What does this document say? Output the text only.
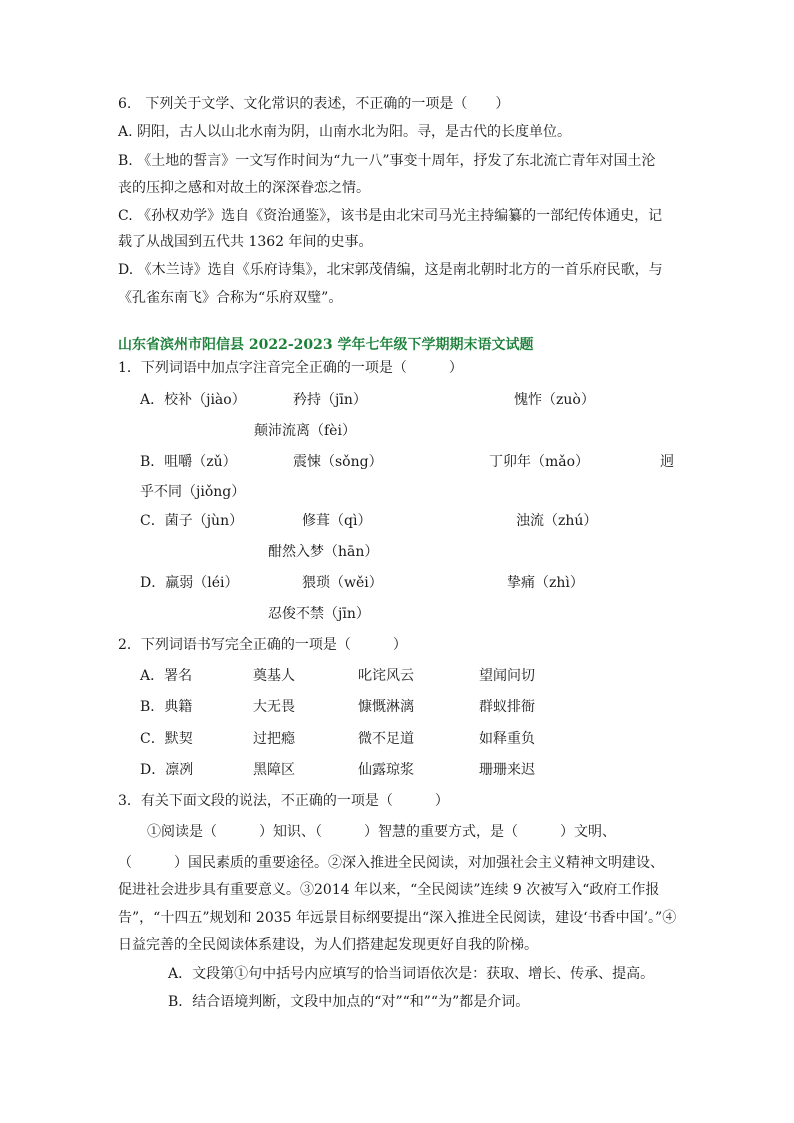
6.　下列关于文学、文化常识的表述，不正确的一项是（　　）
A. 阴阳，古人以山北水南为阴，山南水北为阳。寻，是古代的长度单位。
B. 《土地的誓言》一文写作时间为“九一八”事变十周年，抒发了东北流亡青年对国土沦
丧的压抑之感和对故土的深深眷恋之情。
C. 《孙权劝学》选自《资治通鉴》，该书是由北宋司马光主持编纂的一部纪传体通史，记
载了从战国到五代共 1362 年间的史事。
D. 《木兰诗》选自《乐府诗集》，北宋郭茂倩编，这是南北朝时北方的一首乐府民歌，与
《孔雀东南飞》合称为“乐府双璧”。
山东省滨州市阳信县 2022-2023 学年七年级下学期期末语文试题
1．下列词语中加点字注音完全正确的一项是（　　　）
A．校补（jiào）	矜持（jīn）	愧怍（zuò）
颠沛流离（fèi）
B．咀嚼（zǔ）	震悚（sǒng）	丁卯年（mǎo）	迥
乎不同（jiǒng）
C．菌子（jùn）	修葺（qì）	浊流（zhú）
酣然入梦（hān）
D．羸弱（léi）	猥琐（wěi）	挚痛（zhì）
忍俊不禁（jīn）
2．下列词语书写完全正确的一项是（　　　）
A．署名	奠基人	叱诧风云	望闻问切
B．典籍	大无畏	慷慨淋漓	群蚁排衙
C．默契	过把瘾	微不足道	如释重负
D．凛冽	黑障区	仙露琼浆	珊珊来迟
3．有关下面文段的说法，不正确的一项是（　　　）
①阅读是（　　　）知识、（　　　）智慧的重要方式，是（　　　）文明、
（　　　）国民素质的重要途径。②深入推进全民阅读，对加强社会主义精神文明建设、
促进社会进步具有重要意义。③2014 年以来，“全民阅读”连续 9 次被写入“政府工作报
告”，“十四五”规划和 2035 年远景目标纲要提出“深入推进全民阅读，建设‘书香中国’。”④
日益完善的全民阅读体系建设，为人们搭建起发现更好自我的阶梯。
A．文段第①句中括号内应填写的恰当词语依次是：获取、增长、传承、提高。
B．结合语境判断，文段中加点的“对”“和”“为”都是介词。
